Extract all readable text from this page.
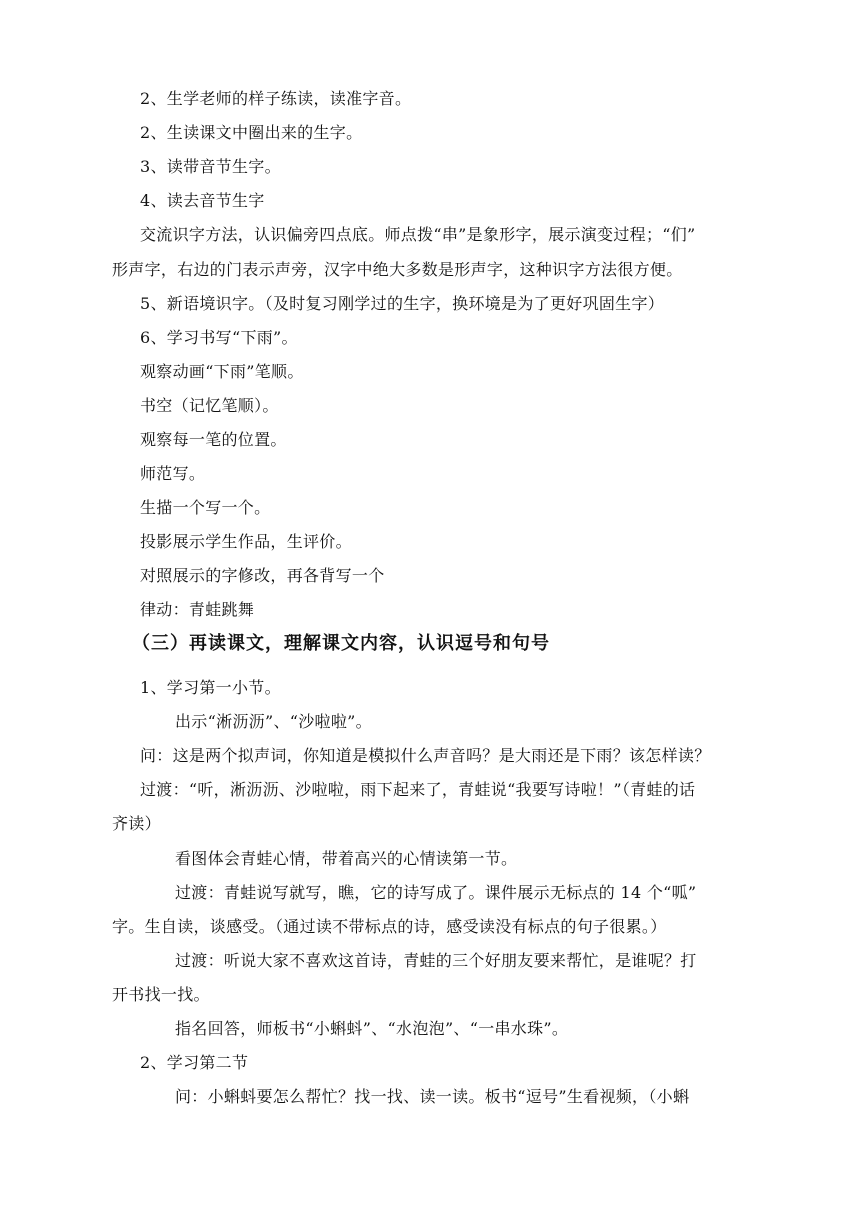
2、生学老师的样子练读，读准字音。
2、生读课文中圈出来的生字。
3、读带音节生字。
4、读去音节生字
交流识字方法，认识偏旁四点底。师点拨“串”是象形字，展示演变过程；“们”
形声字，右边的门表示声旁，汉字中绝大多数是形声字，这种识字方法很方便。
5、新语境识字。（及时复习刚学过的生字，换环境是为了更好巩固生字）
6、学习书写“下雨”。
观察动画“下雨”笔顺。
书空（记忆笔顺）。
观察每一笔的位置。
师范写。
生描一个写一个。
投影展示学生作品，生评价。
对照展示的字修改，再各背写一个
律动：青蛙跳舞
（三）再读课文，理解课文内容，认识逗号和句号
1、学习第一小节。
出示“淅沥沥”、“沙啦啦”。
问：这是两个拟声词，你知道是模拟什么声音吗？是大雨还是下雨？该怎样读？
过渡：“听，淅沥沥、沙啦啦，雨下起来了，青蛙说“我要写诗啦！”（青蛙的话
齐读）
看图体会青蛙心情，带着高兴的心情读第一节。
过渡：青蛙说写就写，瞧，它的诗写成了。课件展示无标点的 14 个“呱”
字。生自读，谈感受。（通过读不带标点的诗，感受读没有标点的句子很累。）
过渡：听说大家不喜欢这首诗，青蛙的三个好朋友要来帮忙，是谁呢？打
开书找一找。
指名回答，师板书“小蝌蚪”、“水泡泡”、“一串水珠”。
2、学习第二节
问：小蝌蚪要怎么帮忙？找一找、读一读。板书“逗号”生看视频，（小蝌
